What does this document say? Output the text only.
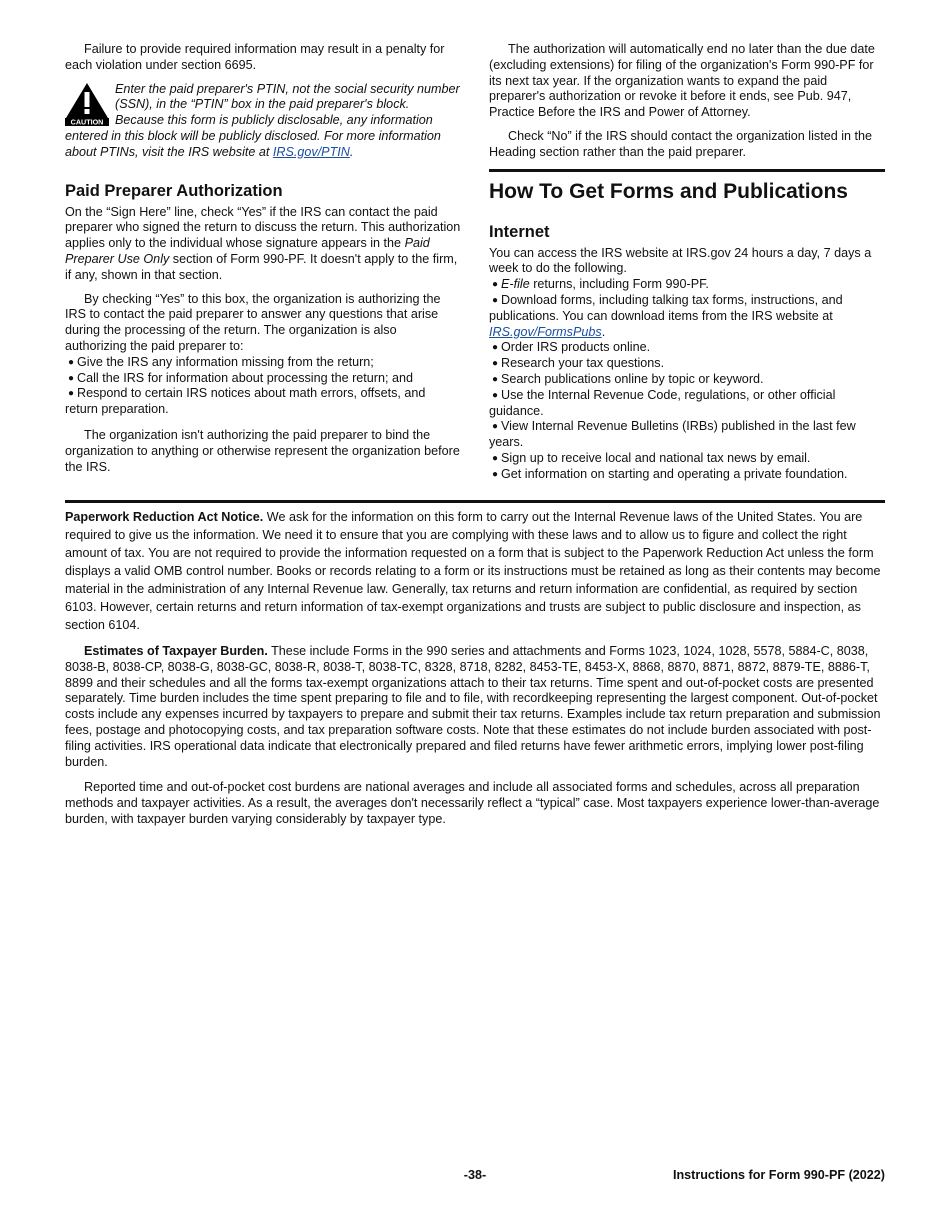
Failure to provide required information may result in a penalty for each violation under section 6695.

CAUTION

Enter the paid preparer's PTIN, not the social security number (SSN), in the “PTIN” box in the paid preparer's block. Because this form is publicly disclosable, any information entered in this block will be publicly disclosed. For more information about PTINs, visit the IRS website at IRS.gov/PTIN.

Paid Preparer Authorization

On the “Sign Here” line, check “Yes” if the IRS can contact the paid preparer who signed the return to discuss the return. This authorization applies only to the individual whose signature appears in the Paid Preparer Use Only section of Form 990-PF. It doesn't apply to the firm, if any, shown in that section.

By checking “Yes” to this box, the organization is authorizing the IRS to contact the paid preparer to answer any questions that arise during the processing of the return. The organization is also authorizing the paid preparer to:

● Give the IRS any information missing from the return;
● Call the IRS for information about processing the return; and
● Respond to certain IRS notices about math errors, offsets, and return preparation.

The organization isn't authorizing the paid preparer to bind the organization to anything or otherwise represent the organization before the IRS.

The authorization will automatically end no later than the due date (excluding extensions) for filing of the organization's Form 990-PF for its next tax year. If the organization wants to expand the paid preparer's authorization or revoke it before it ends, see Pub. 947, Practice Before the IRS and Power of Attorney.

Check “No” if the IRS should contact the organization listed in the Heading section rather than the paid preparer.

How To Get Forms and Publications
Internet

You can access the IRS website at IRS.gov 24 hours a day, 7 days a week to do the following.

● E-file returns, including Form 990-PF.
● Download forms, including talking tax forms, instructions, and publications. You can download items from the IRS website at IRS.gov/FormsPubs.
● Order IRS products online.
● Research your tax questions.
● Search publications online by topic or keyword.
● Use the Internal Revenue Code, regulations, or other official guidance.
● View Internal Revenue Bulletins (IRBs) published in the last few years.
● Sign up to receive local and national tax news by email.
● Get information on starting and operating a private foundation.

Paperwork Reduction Act Notice. We ask for the information on this form to carry out the Internal Revenue laws of the United States. You are required to give us the information. We need it to ensure that you are complying with these laws and to allow us to figure and collect the right amount of tax. You are not required to provide the information requested on a form that is subject to the Paperwork Reduction Act unless the form displays a valid OMB control number. Books or records relating to a form or its instructions must be retained as long as their contents may become material in the administration of any Internal Revenue law. Generally, tax returns and return information are confidential, as required by section 6103. However, certain returns and return information of tax-exempt organizations and trusts are subject to public disclosure and inspection, as section 6104.

Estimates of Taxpayer Burden. These include Forms in the 990 series and attachments and Forms 1023, 1024, 1028, 5578, 5884-C, 8038, 8038-B, 8038-CP, 8038-G, 8038-GC, 8038-R, 8038-T, 8038-TC, 8328, 8718, 8282, 8453-TE, 8453-X, 8868, 8870, 8871, 8872, 8879-TE, 8886-T, 8899 and their schedules and all the forms tax-exempt organizations attach to their tax returns. Time spent and out-of-pocket costs are presented separately. Time burden includes the time spent preparing to file and to file, with recordkeeping representing the largest component. Out-of-pocket costs include any expenses incurred by taxpayers to prepare and submit their tax returns. Examples include tax return preparation and submission fees, postage and photocopying costs, and tax preparation software costs. Note that these estimates do not include burden associated with post-filing activities. IRS operational data indicate that electronically prepared and filed returns have fewer arithmetic errors, implying lower post-filing burden.

Reported time and out-of-pocket cost burdens are national averages and include all associated forms and schedules, across all preparation methods and taxpayer activities. As a result, the averages don't necessarily reflect a “typical” case. Most taxpayers experience lower-than-average burden, with taxpayer burden varying considerably by taxpayer type.

-38-	Instructions for Form 990-PF (2022)
